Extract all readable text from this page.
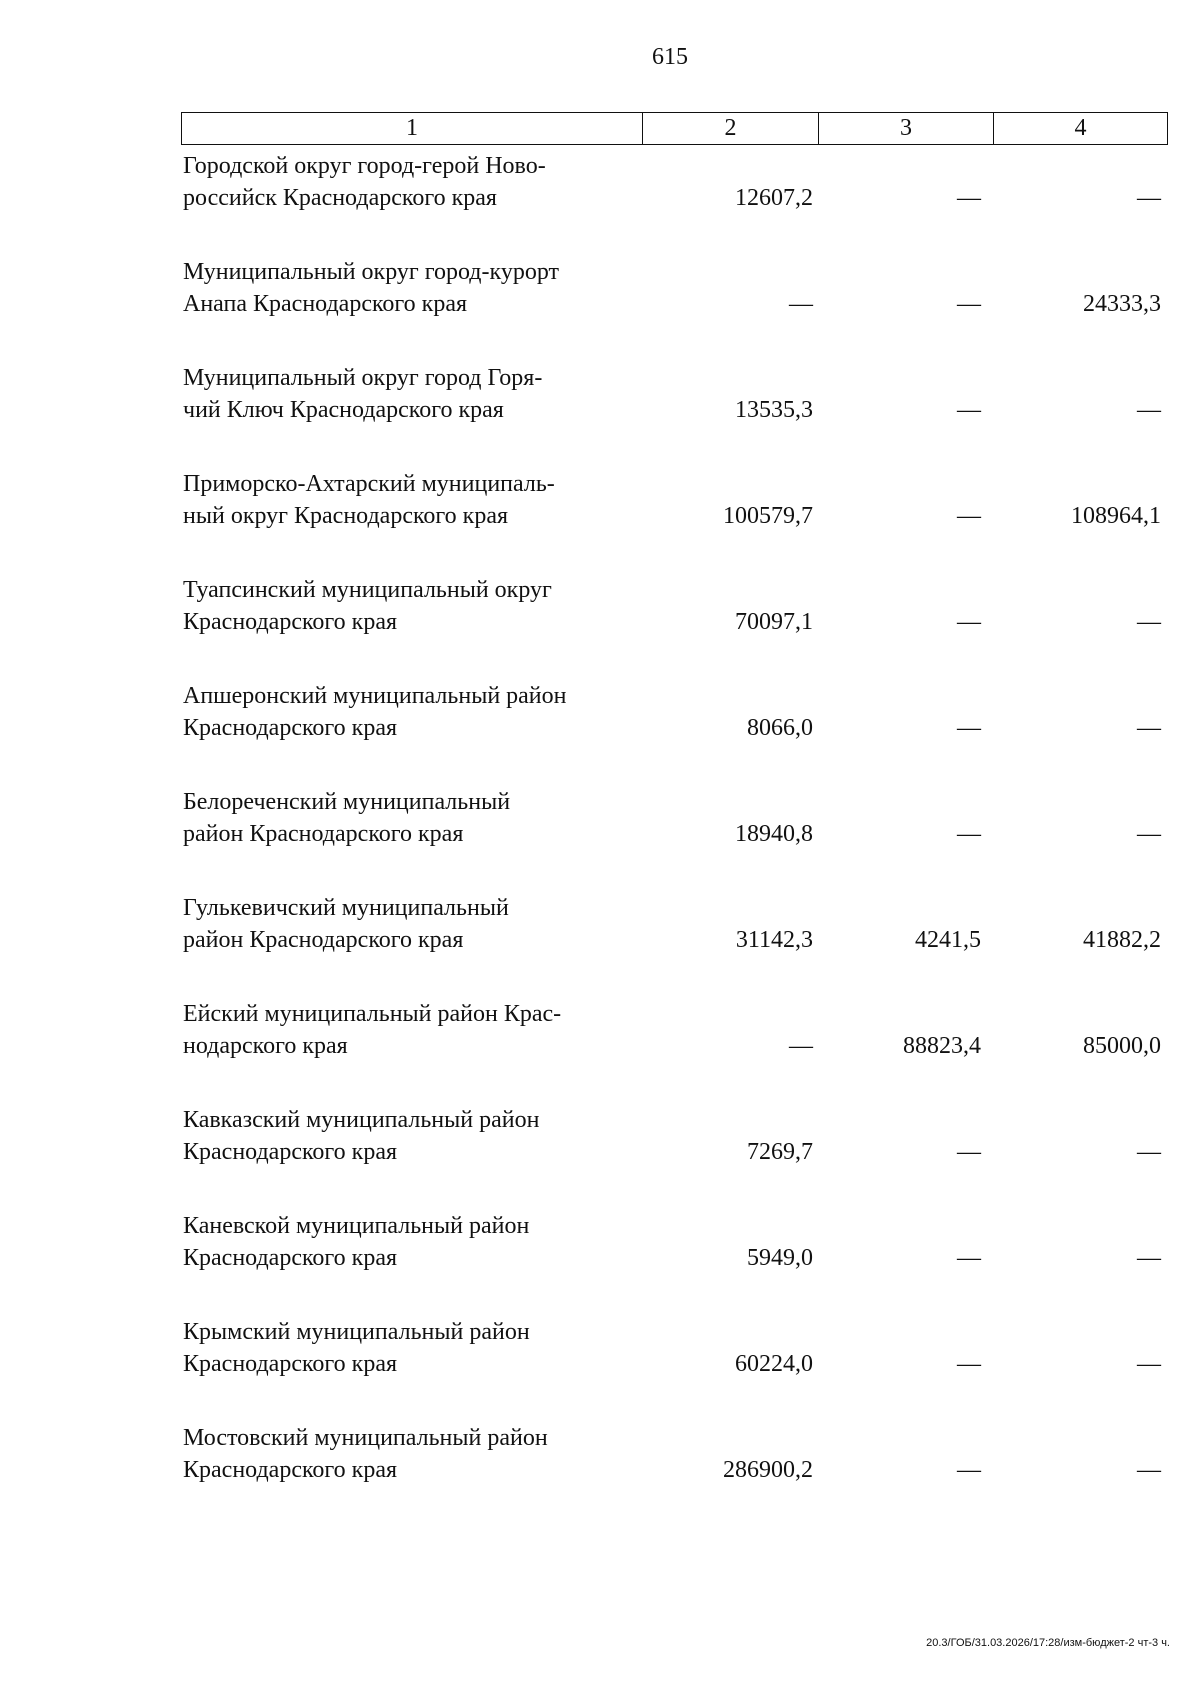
615
1	2	3	4
Городской округ город-герой Ново-
российск Краснодарского края	12607,2	—	—
Муниципальный округ город-курорт
Анапа Краснодарского края	—	—	24333,3
Муниципальный округ город Горя-
чий Ключ Краснодарского края	13535,3	—	—
Приморско-Ахтарский муниципаль-
ный округ Краснодарского края	100579,7	—	108964,1
Туапсинский муниципальный округ
Краснодарского края	70097,1	—	—
Апшеронский муниципальный район
Краснодарского края	8066,0	—	—
Белореченский муниципальный
район Краснодарского края	18940,8	—	—
Гулькевичский муниципальный
район Краснодарского края	31142,3	4241,5	41882,2
Ейский муниципальный район Крас-
нодарского края	—	88823,4	85000,0
Кавказский муниципальный район
Краснодарского края	7269,7	—	—
Каневской муниципальный район
Краснодарского края	5949,0	—	—
Крымский муниципальный район
Краснодарского края	60224,0	—	—
Мостовский муниципальный район
Краснодарского края	286900,2	—	—
20.3/ГОБ/31.03.2026/17:28/изм-бюджет-2 чт-3 ч.
